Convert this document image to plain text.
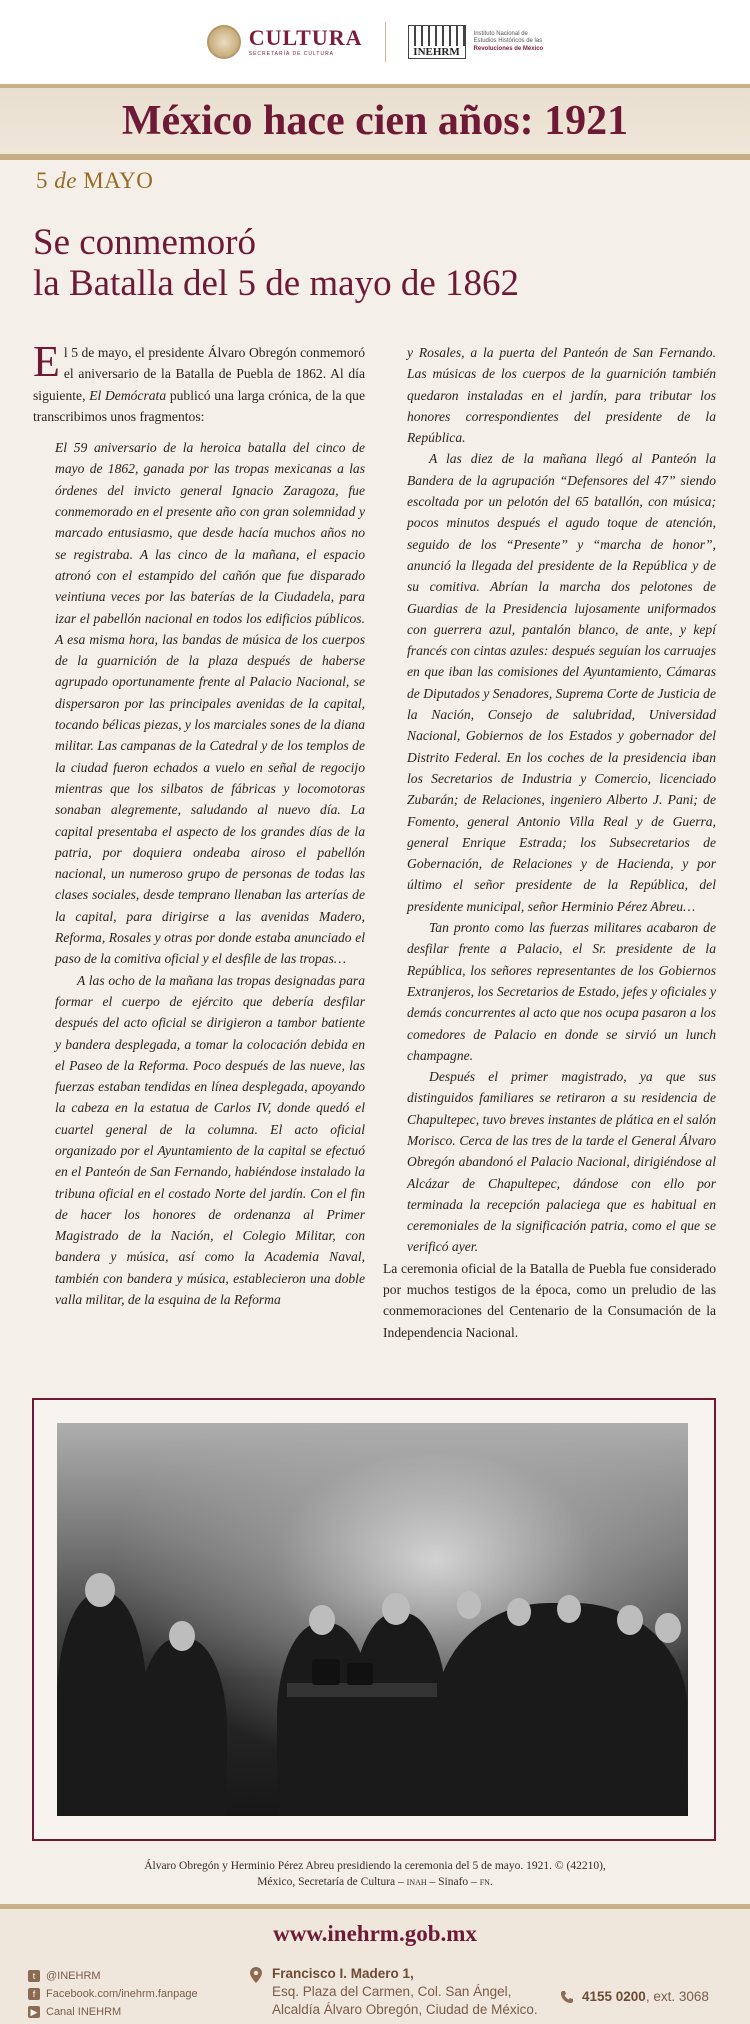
CULTURA
SECRETARÍA DE CULTURA	INEHRM
Instituto Nacional de
Estudios Históricos de las
Revoluciones de México
México hace cien años: 1921
5 de MAYO
Se conmemoró
la Batalla del 5 de mayo de 1862

El 5 de mayo, el presidente Álvaro Obregón conmemoró el aniversario de la Batalla de Puebla de 1862. Al día siguiente, El Demócrata publicó una larga crónica, de la que transcribimos unos fragmentos:

El 59 aniversario de la heroica batalla del cinco de mayo de 1862, ganada por las tropas mexicanas a las órdenes del invicto general Ignacio Zaragoza, fue conmemorado en el presente año con gran solemnidad y marcado entusiasmo, que desde hacía muchos años no se registraba. A las cinco de la mañana, el espacio atronó con el estampido del cañón que fue disparado veintiuna veces por las baterías de la Ciudadela, para izar el pabellón nacional en todos los edificios públicos. A esa misma hora, las bandas de música de los cuerpos de la guarnición de la plaza después de haberse agrupado oportunamente frente al Palacio Nacional, se dispersaron por las principales avenidas de la capital, tocando bélicas piezas, y los marciales sones de la diana militar. Las campanas de la Catedral y de los templos de la ciudad fueron echados a vuelo en señal de regocijo mientras que los silbatos de fábricas y locomotoras sonaban alegremente, saludando al nuevo día. La capital presentaba el aspecto de los grandes días de la patria, por doquiera ondeaba airoso el pabellón nacional, un numeroso grupo de personas de todas las clases sociales, desde temprano llenaban las arterías de la capital, para dirigirse a las avenidas Madero, Reforma, Rosales y otras por donde estaba anunciado el paso de la comitiva oficial y el desfile de las tropas…

A las ocho de la mañana las tropas designadas para formar el cuerpo de ejército que debería desfilar después del acto oficial se dirigieron a tambor batiente y bandera desplegada, a tomar la colocación debida en el Paseo de la Reforma. Poco después de las nueve, las fuerzas estaban tendidas en línea desplegada, apoyando la cabeza en la estatua de Carlos IV, donde quedó el cuartel general de la columna. El acto oficial organizado por el Ayuntamiento de la capital se efectuó en el Panteón de San Fernando, habiéndose instalado la tribuna oficial en el costado Norte del jardín. Con el fin de hacer los honores de ordenanza al Primer Magistrado de la Nación, el Colegio Militar, con bandera y música, así como la Academia Naval, también con bandera y música, establecieron una doble valla militar, de la esquina de la Reforma

y Rosales, a la puerta del Panteón de San Fernando. Las músicas de los cuerpos de la guarnición también quedaron instaladas en el jardín, para tributar los honores correspondientes del presidente de la República.

A las diez de la mañana llegó al Panteón la Bandera de la agrupación “Defensores del 47” siendo escoltada por un pelotón del 65 batallón, con música; pocos minutos después el agudo toque de atención, seguido de los “Presente” y “marcha de honor”, anunció la llegada del presidente de la República y de su comitiva. Abrían la marcha dos pelotones de Guardias de la Presidencia lujosamente uniformados con guerrera azul, pantalón blanco, de ante, y kepí francés con cintas azules: después seguían los carruajes en que iban las comisiones del Ayuntamiento, Cámaras de Diputados y Senadores, Suprema Corte de Justicia de la Nación, Consejo de salubridad, Universidad Nacional, Gobiernos de los Estados y gobernador del Distrito Federal. En los coches de la presidencia iban los Secretarios de Industria y Comercio, licenciado Zubarán; de Relaciones, ingeniero Alberto J. Pani; de Fomento, general Antonio Villa Real y de Guerra, general Enrique Estrada; los Subsecretarios de Gobernación, de Relaciones y de Hacienda, y por último el señor presidente de la República, del presidente municipal, señor Herminio Pérez Abreu…

Tan pronto como las fuerzas militares acabaron de desfilar frente a Palacio, el Sr. presidente de la República, los señores representantes de los Gobiernos Extranjeros, los Secretarios de Estado, jefes y oficiales y demás concurrentes al acto que nos ocupa pasaron a los comedores de Palacio en donde se sirvió un lunch champagne.

Después el primer magistrado, ya que sus distinguidos familiares se retiraron a su residencia de Chapultepec, tuvo breves instantes de plática en el salón Morisco. Cerca de las tres de la tarde el General Álvaro Obregón abandonó el Palacio Nacional, dirigiéndose al Alcázar de Chapultepec, dándose con ello por terminada la recepción palaciega que es habitual en ceremoniales de la significación patria, como el que se verificó ayer.

La ceremonia oficial de la Batalla de Puebla fue considerado por muchos testigos de la época, como un preludio de las conmemoraciones del Centenario de la Consumación de la Independencia Nacional.

Álvaro Obregón y Herminio Pérez Abreu presidiendo la ceremonia del 5 de mayo. 1921. © (42210),
México, Secretaría de Cultura – inah – Sinafo – fn.
www.inehrm.gob.mx
t @INEHRM
f Facebook.com/inehrm.fanpage
▶ Canal INEHRM
Francisco I. Madero 1,
Esq. Plaza del Carmen, Col. San Ángel,
Alcaldía Álvaro Obregón, Ciudad de México.
4155 0200, ext. 3068
